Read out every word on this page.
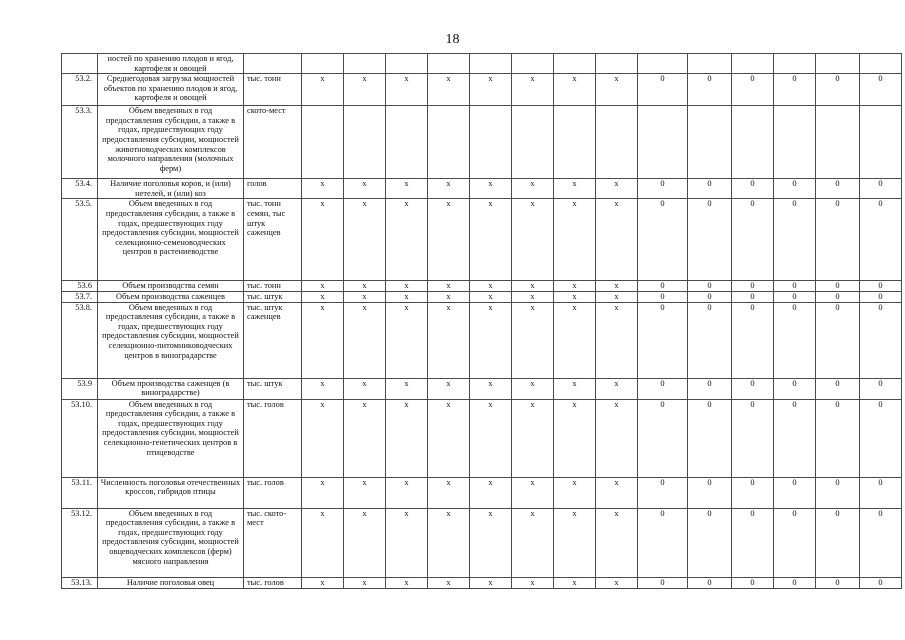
18
	ностей по хранению плодов и ягод, картофеля и овощей															
53.2.	Среднегодовая загрузка мощностей объектов по хранению плодов и ягод, картофеля и овощей	тыс. тонн	x	x	x	x	x	x	x	x	0	0	0	0	0	0
53.3.	Объем введенных в год предоставления субсидии, а также в годах, предшествующих году предоставления субсидии, мощностей животноводческих комплексов молочного направления (молочных ферм)	ското-мест														
53.4.	Наличие поголовья коров, и (или) нетелей, и (или) коз	голов	x	x	x	x	x	x	x	x	0	0	0	0	0	0
53.5.	Объем введенных в год предоставления субсидии, а также в годах, предшествующих году предоставления субсидии, мощностей селекционно-семеноводческих центров в растениеводстве	тыс. тонн семян, тыс штук саженцев	x	x	x	x	x	x	x	x	0	0	0	0	0	0
53.6	Объем производства семян	тыс. тонн	x	x	x	x	x	x	x	x	0	0	0	0	0	0
53.7.	Объем производства саженцев	тыс. штук	x	x	x	x	x	x	x	x	0	0	0	0	0	0
53.8.	Объем введенных в год предоставления субсидии, а также в годах, предшествующих году предоставления субсидии, мощностей селекционно-питомниководческих центров в виноградарстве	тыс. штук саженцев	x	x	x	x	x	x	x	x	0	0	0	0	0	0
53.9	Объем производства саженцев (в виноградарстве)	тыс. штук	x	x	x	x	x	x	x	x	0	0	0	0	0	0
53.10.	Объем введенных в год предоставления субсидии, а также в годах, предшествующих году предоставления субсидии, мощностей селекционно-генетических центров в птицеводстве	тыс. голов	x	x	x	x	x	x	x	x	0	0	0	0	0	0
53.11.	Численность поголовья отечественных кроссов, гибридов птицы	тыс. голов	x	x	x	x	x	x	x	x	0	0	0	0	0	0
53.12.	Объем введенных в год предоставления субсидии, а также в годах, предшествующих году предоставления субсидии, мощностей овцеводческих комплексов (ферм) мясного направления	тыс. ското-мест	x	x	x	x	x	x	x	x	0	0	0	0	0	0
53.13.	Наличие поголовья овец	тыс. голов	x	x	x	x	x	x	x	x	0	0	0	0	0	0
